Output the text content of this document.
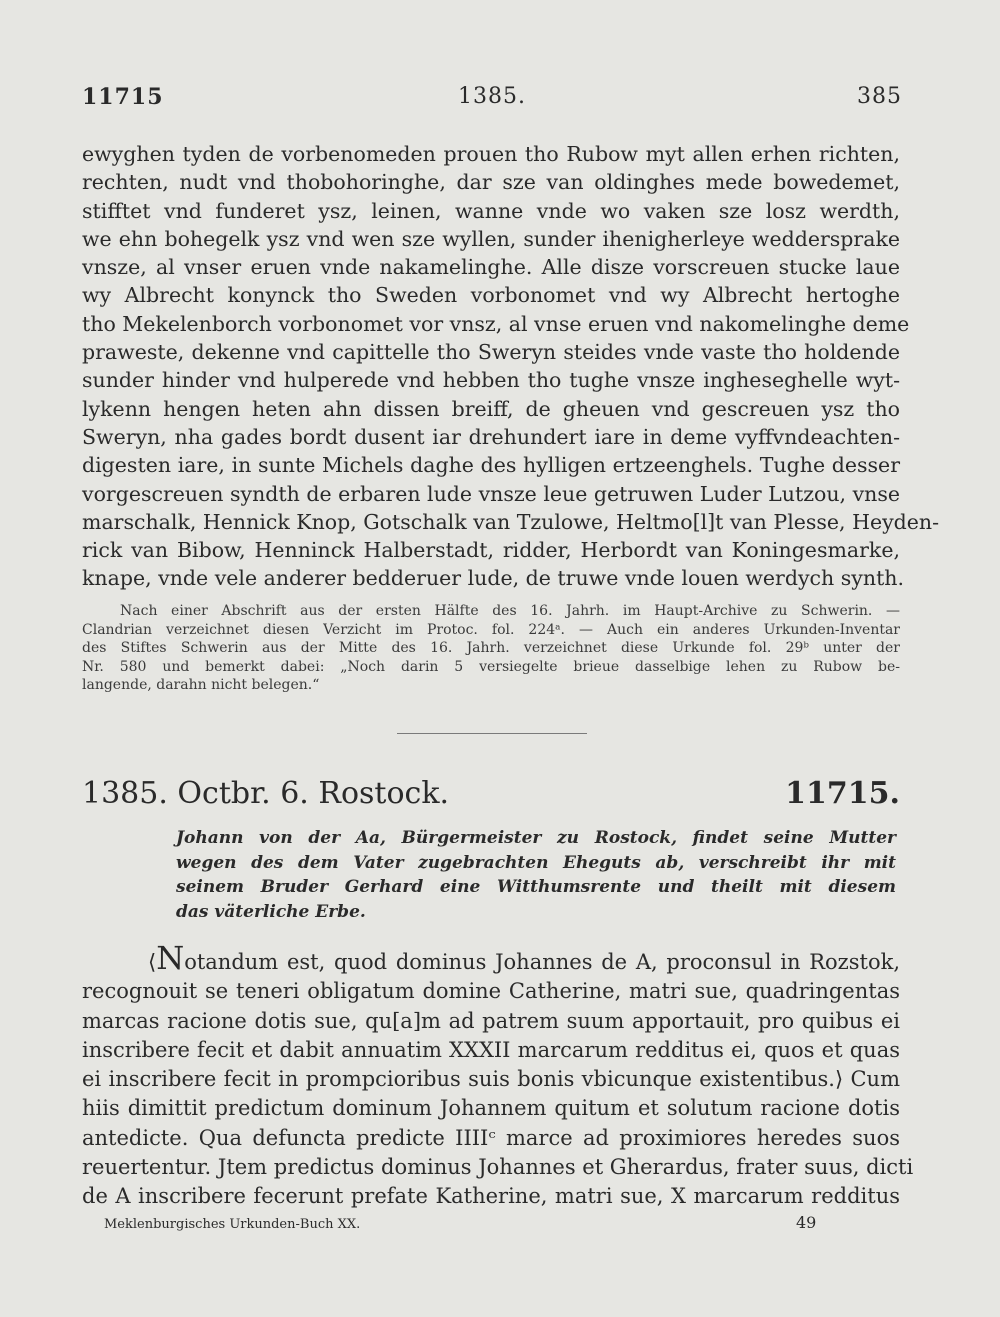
11715	1385.	385
ewyghen tyden de vorbenomeden prouen tho Rubow myt allen erhen richten,
rechten, nudt vnd thobohoringhe, dar sze van oldinghes mede bowedemet,
stifftet vnd funderet ysz, leinen, wanne vnde wo vaken sze losz werdth,
we ehn bohegelk ysz vnd wen sze wyllen, sunder ihenigherleye weddersprake
vnsze, al vnser eruen vnde nakamelinghe. Alle disze vorscreuen stucke laue
wy Albrecht konynck tho Sweden vorbonomet vnd wy Albrecht hertoghe
tho Mekelenborch vorbonomet vor vnsz, al vnse eruen vnd nakomelinghe deme
praweste, dekenne vnd capittelle tho Sweryn steides vnde vaste tho holdende
sunder hinder vnd hulperede vnd hebben tho tughe vnsze ingheseghelle wyt-
lykenn hengen heten ahn dissen breiff, de gheuen vnd gescreuen ysz tho
Sweryn, nha gades bordt dusent iar drehundert iare in deme vyffvndeachten-
digesten iare, in sunte Michels daghe des hylligen ertzeenghels. Tughe desser
vorgescreuen syndth de erbaren lude vnsze leue getruwen Luder Lutzou, vnse
marschalk, Hennick Knop, Gotschalk van Tzulowe, Heltmo[l]t van Plesse, Heyden-
rick van Bibow, Henninck Halberstadt, ridder, Herbordt van Koningesmarke,
knape, vnde vele anderer bedderuer lude, de truwe vnde louen werdych synth.
Nach einer Abschrift aus der ersten Hälfte des 16. Jahrh. im Haupt-Archive zu Schwerin. —
Clandrian verzeichnet diesen Verzicht im Protoc. fol. 224ᵃ. — Auch ein anderes Urkunden-Inventar
des Stiftes Schwerin aus der Mitte des 16. Jahrh. verzeichnet diese Urkunde fol. 29ᵇ unter der
Nr. 580 und bemerkt dabei: „Noch darin 5 versiegelte brieue dasselbige lehen zu Rubow be-
langende, darahn nicht belegen.“
1385. Octbr. 6. Rostock.	11715.
Johann von der Aa, Bürgermeister zu Rostock, findet seine Mutter
wegen des dem Vater zugebrachten Eheguts ab, verschreibt ihr mit
seinem Bruder Gerhard eine Witthumsrente und theilt mit diesem
das väterliche Erbe.
⟨Notandum est, quod dominus Johannes de A, proconsul in Rozstok,
recognouit se teneri obligatum domine Catherine, matri sue, quadringentas
marcas racione dotis sue, qu[a]m ad patrem suum apportauit, pro quibus ei
inscribere fecit et dabit annuatim XXXII marcarum redditus ei, quos et quas
ei inscribere fecit in prompcioribus suis bonis vbicunque existentibus.⟩ Cum
hiis dimittit predictum dominum Johannem quitum et solutum racione dotis
antedicte. Qua defuncta predicte IIIIᶜ marce ad proximiores heredes suos
reuertentur. Jtem predictus dominus Johannes et Gherardus, frater suus, dicti
de A inscribere fecerunt prefate Katherine, matri sue, X marcarum redditus
Meklenburgisches Urkunden-Buch XX.	49
